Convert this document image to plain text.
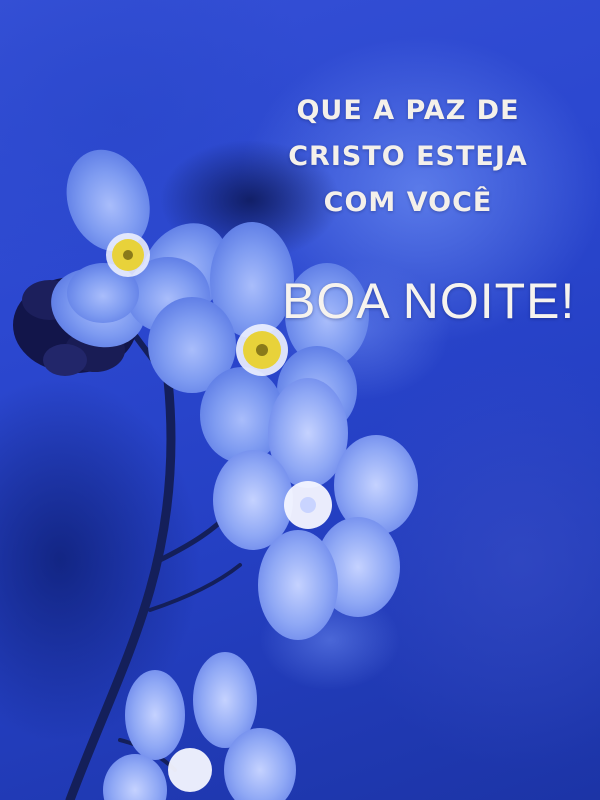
QUE A PAZ DE
CRISTO ESTEJA
COM VOCÊ
BOA NOITE!
